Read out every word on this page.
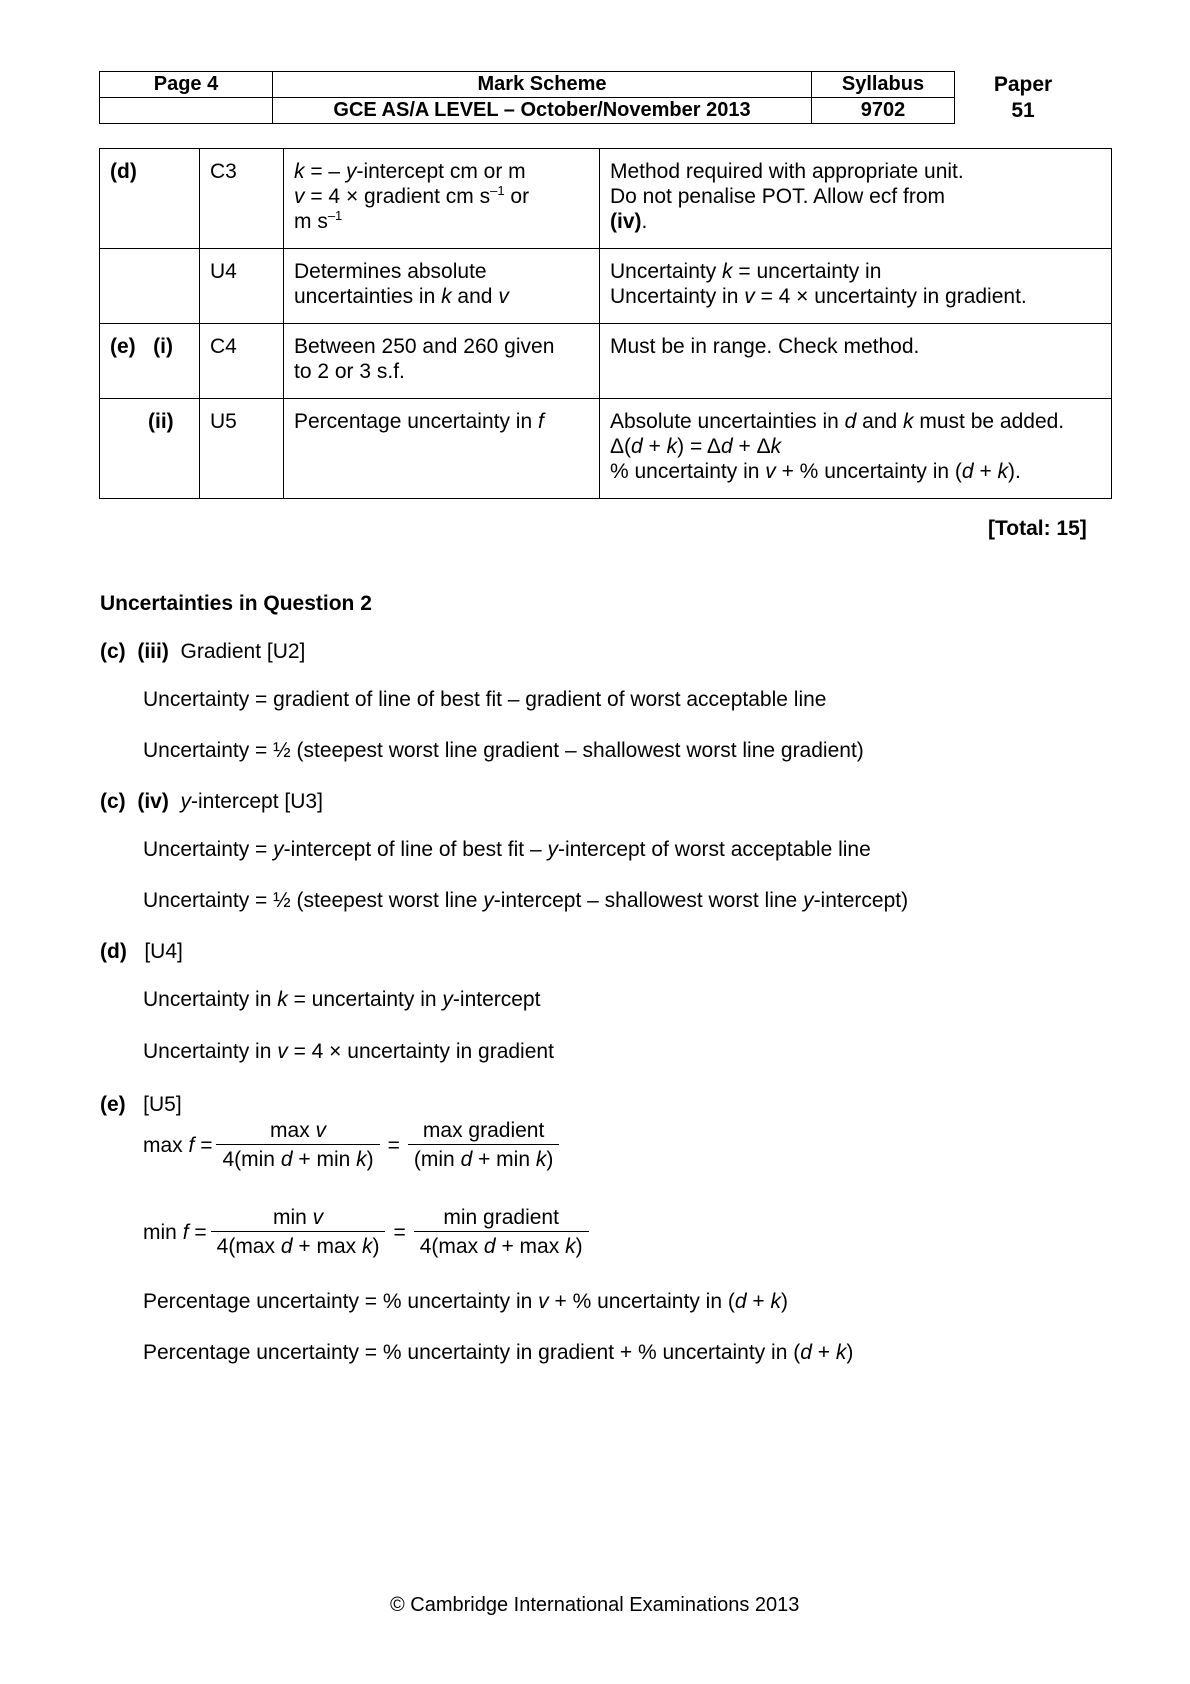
Page 4	Mark Scheme	Syllabus
	GCE AS/A LEVEL – October/November 2013	9702
Paper
51
(d)	C3	k = – y-intercept cm or m
v = 4 × gradient cm $s^{-1}$ or
m $s^{-1}$	Method required with appropriate unit.
Do not penalise POT. Allow ecf from
(iv).
	U4	Determines absolute
uncertainties in k and v	Uncertainty k = uncertainty in
Uncertainty in v = 4 × uncertainty in gradient.
(e)   (i)	C4	Between 250 and 260 given
to 2 or 3 s.f.	Must be in range. Check method.
(ii)	U5	Percentage uncertainty in f	Absolute uncertainties in d and k must be added.
Δ(d + k) = Δd + Δk
% uncertainty in v + % uncertainty in (d + k).
[Total: 15]
Uncertainties in Question 2
(c)  (iii)  Gradient [U2]
Uncertainty = gradient of line of best fit – gradient of worst acceptable line
Uncertainty = ½ (steepest worst line gradient – shallowest worst line gradient)
(c)  (iv) y-intercept [U3]
Uncertainty = y-intercept of line of best fit – y-intercept of worst acceptable line
Uncertainty = ½ (steepest worst line y-intercept – shallowest worst line y-intercept)
(d)   [U4]
Uncertainty in k = uncertainty in y-intercept
Uncertainty in v = 4 × uncertainty in gradient
(e)   [U5]
$\max f = \frac{\text{max v}}{\text{4(min d + min k)}} = \frac{\text{max gradient}}{\text{(min d + min k)}}$
$\min f = \frac{\text{min v}}{\text{4(max d + max k)}} = \frac{\text{min gradient}}{\text{4(max d + max k)}}$
Percentage uncertainty = % uncertainty in v + % uncertainty in (d + k)
Percentage uncertainty = % uncertainty in gradient + % uncertainty in (d + k)
© Cambridge International Examinations 2013
